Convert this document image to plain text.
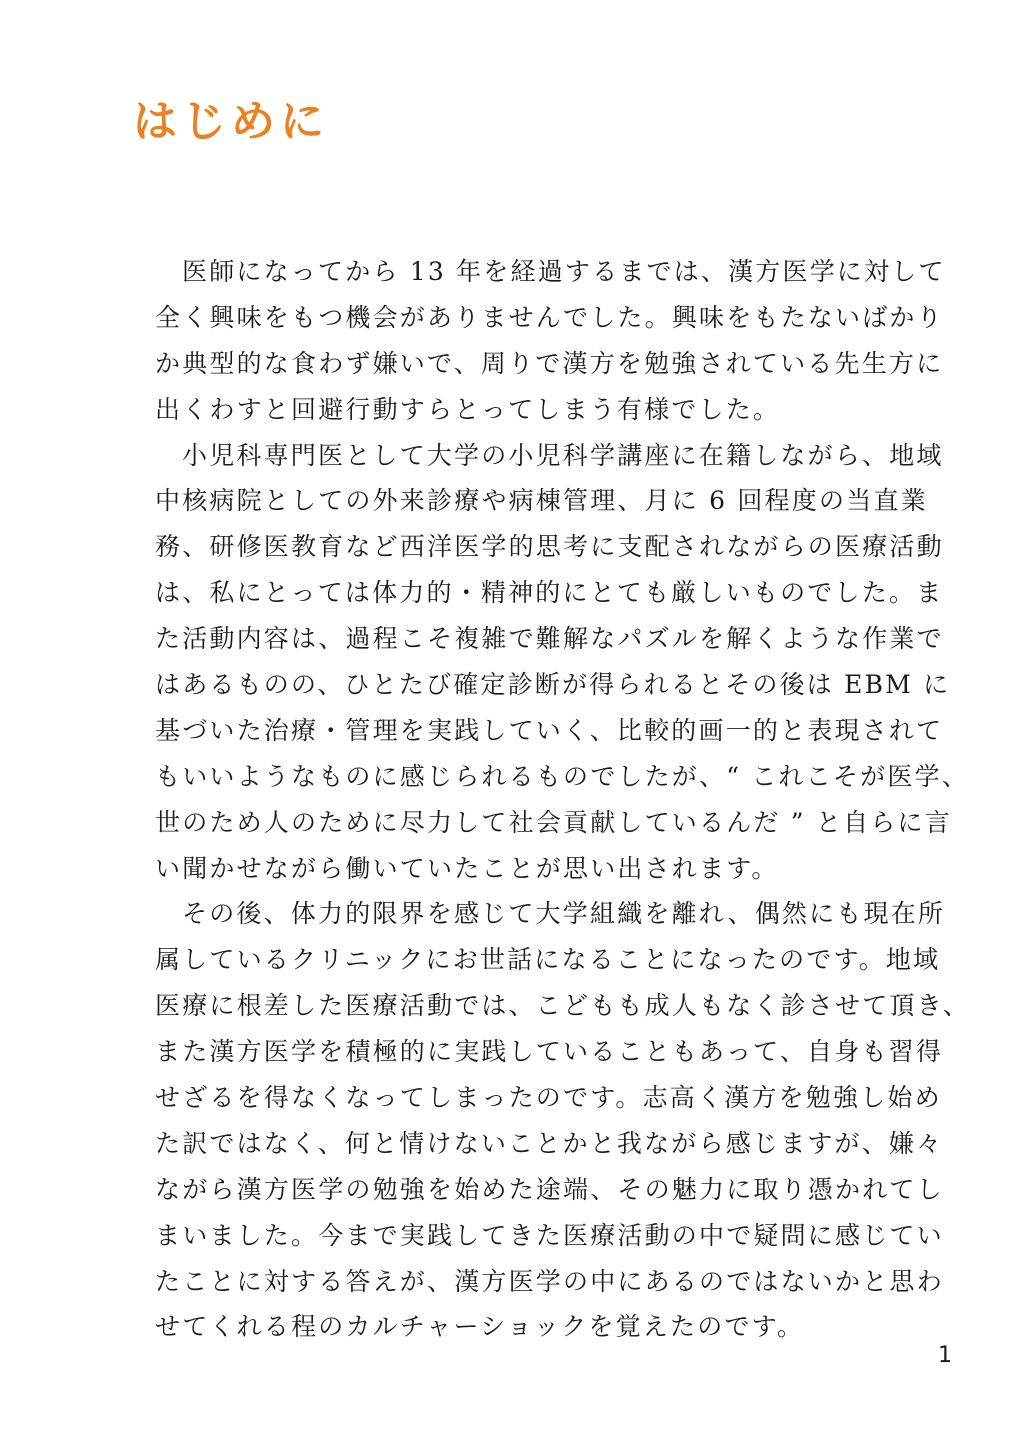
はじめに
医師になってから 13 年を経過するまでは、漢方医学に対して
全く興味をもつ機会がありませんでした。興味をもたないばかり
か典型的な食わず嫌いで、周りで漢方を勉強されている先生方に
出くわすと回避行動すらとってしまう有様でした。
小児科専門医として大学の小児科学講座に在籍しながら、地域
中核病院としての外来診療や病棟管理、月に 6 回程度の当直業
務、研修医教育など西洋医学的思考に支配されながらの医療活動
は、私にとっては体力的・精神的にとても厳しいものでした。ま
た活動内容は、過程こそ複雑で難解なパズルを解くような作業で
はあるものの、ひとたび確定診断が得られるとその後は EBM に
基づいた治療・管理を実践していく、比較的画一的と表現されて
もいいようなものに感じられるものでしたが、“ これこそが医学、
世のため人のために尽力して社会貢献しているんだ ” と自らに言
い聞かせながら働いていたことが思い出されます。
その後、体力的限界を感じて大学組織を離れ、偶然にも現在所
属しているクリニックにお世話になることになったのです。地域
医療に根差した医療活動では、こどもも成人もなく診させて頂き、
また漢方医学を積極的に実践していることもあって、自身も習得
せざるを得なくなってしまったのです。志高く漢方を勉強し始め
た訳ではなく、何と情けないことかと我ながら感じますが、嫌々
ながら漢方医学の勉強を始めた途端、その魅力に取り憑かれてし
まいました。今まで実践してきた医療活動の中で疑問に感じてい
たことに対する答えが、漢方医学の中にあるのではないかと思わ
せてくれる程のカルチャーショックを覚えたのです。
1
